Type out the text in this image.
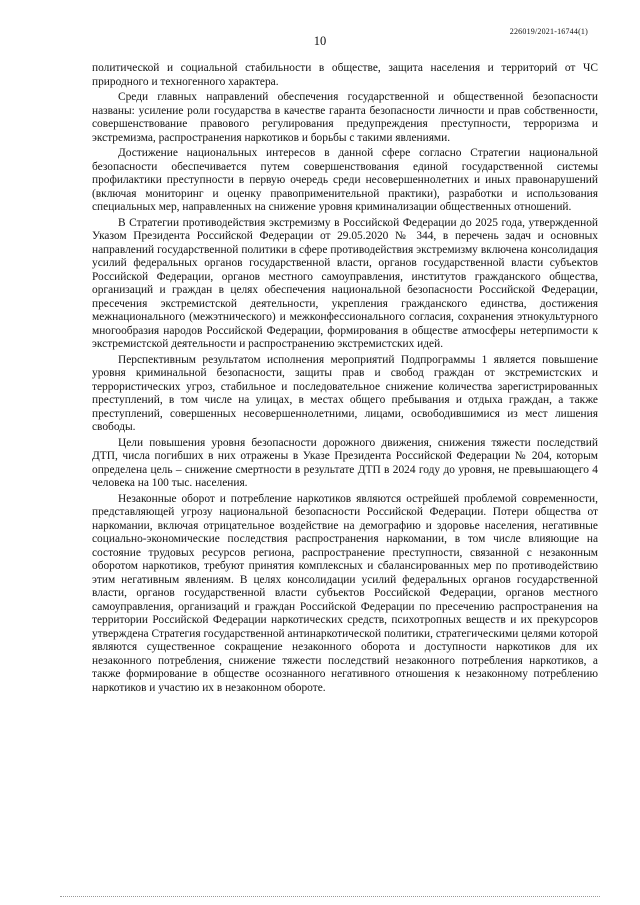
226019/2021-16744(1)
10

политической и социальной стабильности в обществе, защита населения и территорий от ЧС природного и техногенного характера.

Среди главных направлений обеспечения государственной и общественной безопасности названы: усиление роли государства в качестве гаранта безопасности личности и прав собственности, совершенствование правового регулирования предупреждения преступности, терроризма и экстремизма, распространения наркотиков и борьбы с такими явлениями.

Достижение национальных интересов в данной сфере согласно Стратегии национальной безопасности обеспечивается путем совершенствования единой государственной системы профилактики преступности в первую очередь среди несовершеннолетних и иных правонарушений (включая мониторинг и оценку правоприменительной практики), разработки и использования специальных мер, направленных на снижение уровня криминализации общественных отношений.

В Стратегии противодействия экстремизму в Российской Федерации до 2025 года, утвержденной Указом Президента Российской Федерации от 29.05.2020 № 344, в перечень задач и основных направлений государственной политики в сфере противодействия экстремизму включена консолидация усилий федеральных органов государственной власти, органов государственной власти субъектов Российской Федерации, органов местного самоуправления, институтов гражданского общества, организаций и граждан в целях обеспечения национальной безопасности Российской Федерации, пресечения экстремистской деятельности, укрепления гражданского единства, достижения межнационального (межэтнического) и межконфессионального согласия, сохранения этнокультурного многообразия народов Российской Федерации, формирования в обществе атмосферы нетерпимости к экстремистской деятельности и распространению экстремистских идей.

Перспективным результатом исполнения мероприятий Подпрограммы 1 является повышение уровня криминальной безопасности, защиты прав и свобод граждан от экстремистских и террористических угроз, стабильное и последовательное снижение количества зарегистрированных преступлений, в том числе на улицах, в местах общего пребывания и отдыха граждан, а также преступлений, совершенных несовершеннолетними, лицами, освободившимися из мест лишения свободы.

Цели повышения уровня безопасности дорожного движения, снижения тяжести последствий ДТП, числа погибших в них отражены в Указе Президента Российской Федерации № 204, которым определена цель – снижение смертности в результате ДТП в 2024 году до уровня, не превышающего 4 человека на 100 тыс. населения.

Незаконные оборот и потребление наркотиков являются острейшей проблемой современности, представляющей угрозу национальной безопасности Российской Федерации. Потери общества от наркомании, включая отрицательное воздействие на демографию и здоровье населения, негативные социально-экономические последствия распространения наркомании, в том числе влияющие на состояние трудовых ресурсов региона, распространение преступности, связанной с незаконным оборотом наркотиков, требуют принятия комплексных и сбалансированных мер по противодействию этим негативным явлениям. В целях консолидации усилий федеральных органов государственной власти, органов государственной власти субъектов Российской Федерации, органов местного самоуправления, организаций и граждан Российской Федерации по пресечению распространения на территории Российской Федерации наркотических средств, психотропных веществ и их прекурсоров утверждена Стратегия государственной антинаркотической политики, стратегическими целями которой являются существенное сокращение незаконного оборота и доступности наркотиков для их незаконного потребления, снижение тяжести последствий незаконного потребления наркотиков, а также формирование в обществе осознанного негативного отношения к незаконному потреблению наркотиков и участию их в незаконном обороте.
